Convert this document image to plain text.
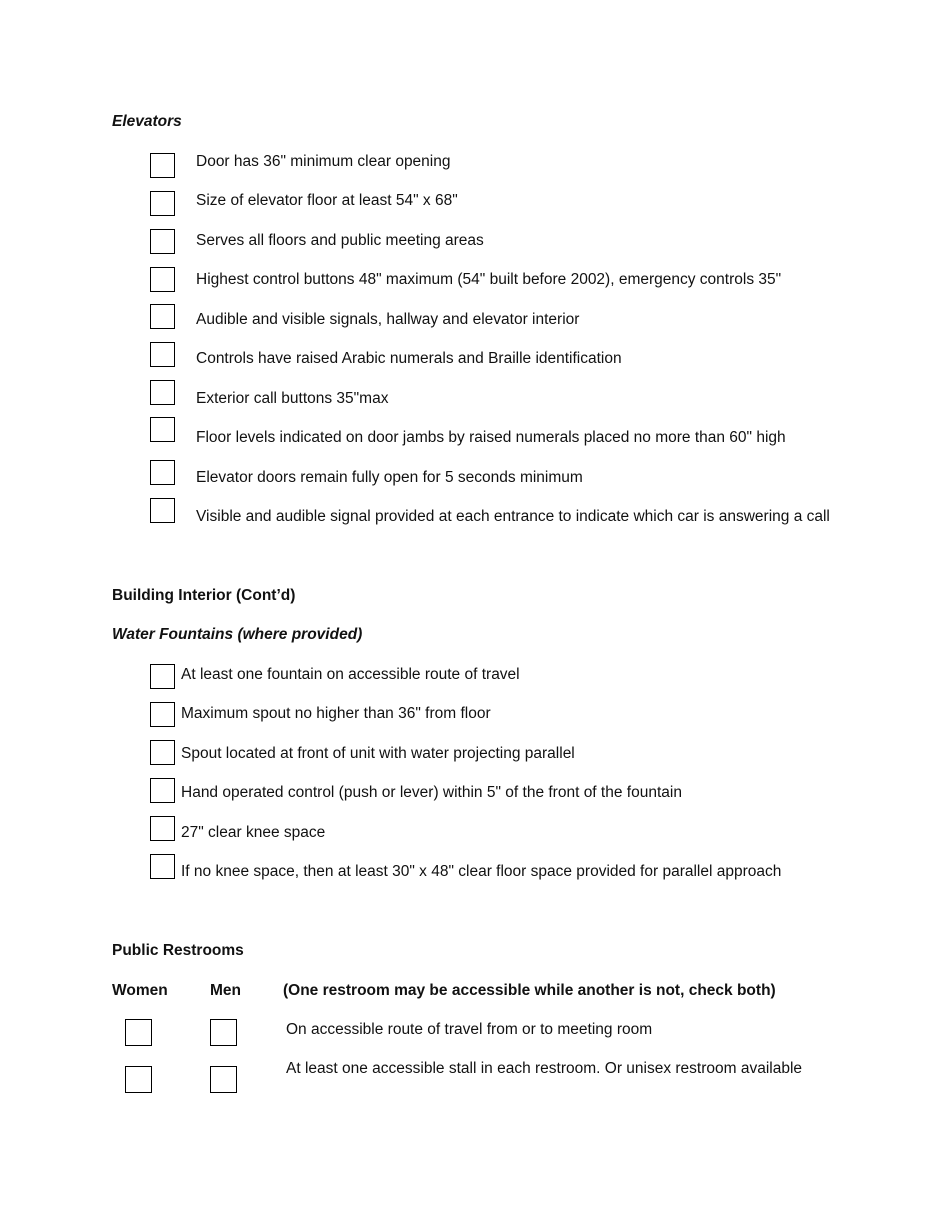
Elevators
Door has 36" minimum clear opening
Size of elevator floor at least 54" x 68"
Serves all floors and public meeting areas
Highest control buttons 48" maximum (54" built before 2002), emergency controls 35"
Audible and visible signals, hallway and elevator interior
Controls have raised Arabic numerals and Braille identification
Exterior call buttons 35"max
Floor levels indicated on door jambs by raised numerals placed no more than 60" high
Elevator doors remain fully open for 5 seconds minimum
Visible and audible signal provided at each entrance to indicate which car is answering a call
Building Interior (Cont’d)
Water Fountains (where provided)
At least one fountain on accessible route of travel
Maximum spout no higher than 36" from floor
Spout located at front of unit with water projecting parallel
Hand operated control (push or lever) within 5" of the front of the fountain
27" clear knee space
If no knee space, then at least 30" x 48" clear floor space provided for parallel approach
Public Restrooms
Women	Men	(One restroom may be accessible while another is not, check both)
On accessible route of travel from or to meeting room
At least one accessible stall in each restroom. Or unisex restroom available
